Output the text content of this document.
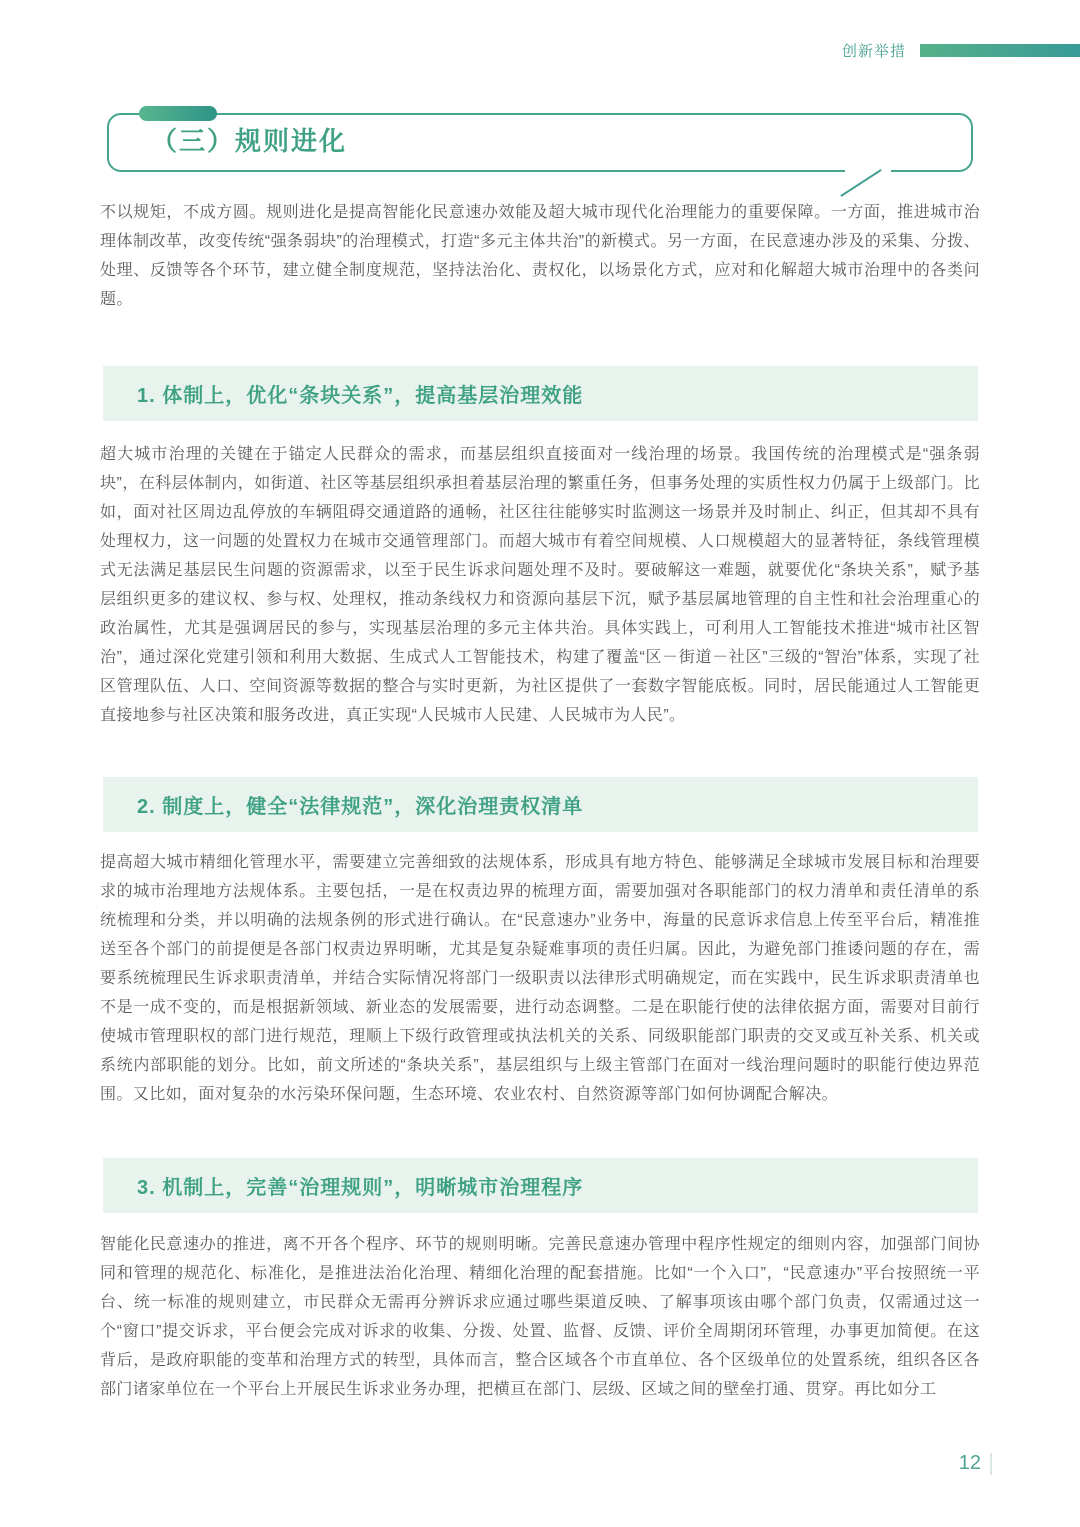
创新举措
（三）规则进化

不以规矩，不成方圆。规则进化是提高智能化民意速办效能及超大城市现代化治理能力的重要保障。一方面，推进城市治理体制改革，改变传统“强条弱块”的治理模式，打造“多元主体共治”的新模式。另一方面，在民意速办涉及的采集、分拨、处理、反馈等各个环节，建立健全制度规范，坚持法治化、责权化，以场景化方式，应对和化解超大城市治理中的各类问题。

1. 体制上，优化“条块关系”，提高基层治理效能

超大城市治理的关键在于锚定人民群众的需求，而基层组织直接面对一线治理的场景。我国传统的治理模式是“强条弱块”，在科层体制内，如街道、社区等基层组织承担着基层治理的繁重任务，但事务处理的实质性权力仍属于上级部门。比如，面对社区周边乱停放的车辆阻碍交通道路的通畅，社区往往能够实时监测这一场景并及时制止、纠正，但其却不具有处理权力，这一问题的处置权力在城市交通管理部门。而超大城市有着空间规模、人口规模超大的显著特征，条线管理模式无法满足基层民生问题的资源需求，以至于民生诉求问题处理不及时。要破解这一难题，就要优化“条块关系”，赋予基层组织更多的建议权、参与权、处理权，推动条线权力和资源向基层下沉，赋予基层属地管理的自主性和社会治理重心的政治属性，尤其是强调居民的参与，实现基层治理的多元主体共治。具体实践上，可利用人工智能技术推进“城市社区智治”，通过深化党建引领和利用大数据、生成式人工智能技术，构建了覆盖“区－街道－社区”三级的“智治”体系，实现了社区管理队伍、人口、空间资源等数据的整合与实时更新，为社区提供了一套数字智能底板。同时，居民能通过人工智能更直接地参与社区决策和服务改进，真正实现“人民城市人民建、人民城市为人民”。

2. 制度上，健全“法律规范”，深化治理责权清单

提高超大城市精细化管理水平，需要建立完善细致的法规体系，形成具有地方特色、能够满足全球城市发展目标和治理要求的城市治理地方法规体系。主要包括，一是在权责边界的梳理方面，需要加强对各职能部门的权力清单和责任清单的系统梳理和分类，并以明确的法规条例的形式进行确认。在“民意速办”业务中，海量的民意诉求信息上传至平台后，精准推送至各个部门的前提便是各部门权责边界明晰，尤其是复杂疑难事项的责任归属。因此，为避免部门推诿问题的存在，需要系统梳理民生诉求职责清单，并结合实际情况将部门一级职责以法律形式明确规定，而在实践中，民生诉求职责清单也不是一成不变的，而是根据新领域、新业态的发展需要，进行动态调整。二是在职能行使的法律依据方面，需要对目前行使城市管理职权的部门进行规范，理顺上下级行政管理或执法机关的关系、同级职能部门职责的交叉或互补关系、机关或系统内部职能的划分。比如，前文所述的“条块关系”，基层组织与上级主管部门在面对一线治理问题时的职能行使边界范围。又比如，面对复杂的水污染环保问题，生态环境、农业农村、自然资源等部门如何协调配合解决。

3. 机制上，完善“治理规则”，明晰城市治理程序

智能化民意速办的推进，离不开各个程序、环节的规则明晰。完善民意速办管理中程序性规定的细则内容，加强部门间协同和管理的规范化、标准化，是推进法治化治理、精细化治理的配套措施。比如“一个入口”，“民意速办”平台按照统一平台、统一标准的规则建立，市民群众无需再分辨诉求应通过哪些渠道反映、了解事项该由哪个部门负责，仅需通过这一个“窗口”提交诉求，平台便会完成对诉求的收集、分拨、处置、监督、反馈、评价全周期闭环管理，办事更加简便。在这背后，是政府职能的变革和治理方式的转型，具体而言，整合区域各个市直单位、各个区级单位的处置系统，组织各区各部门诸家单位在一个平台上开展民生诉求业务办理，把横亘在部门、层级、区域之间的壁垒打通、贯穿。再比如分工

12
